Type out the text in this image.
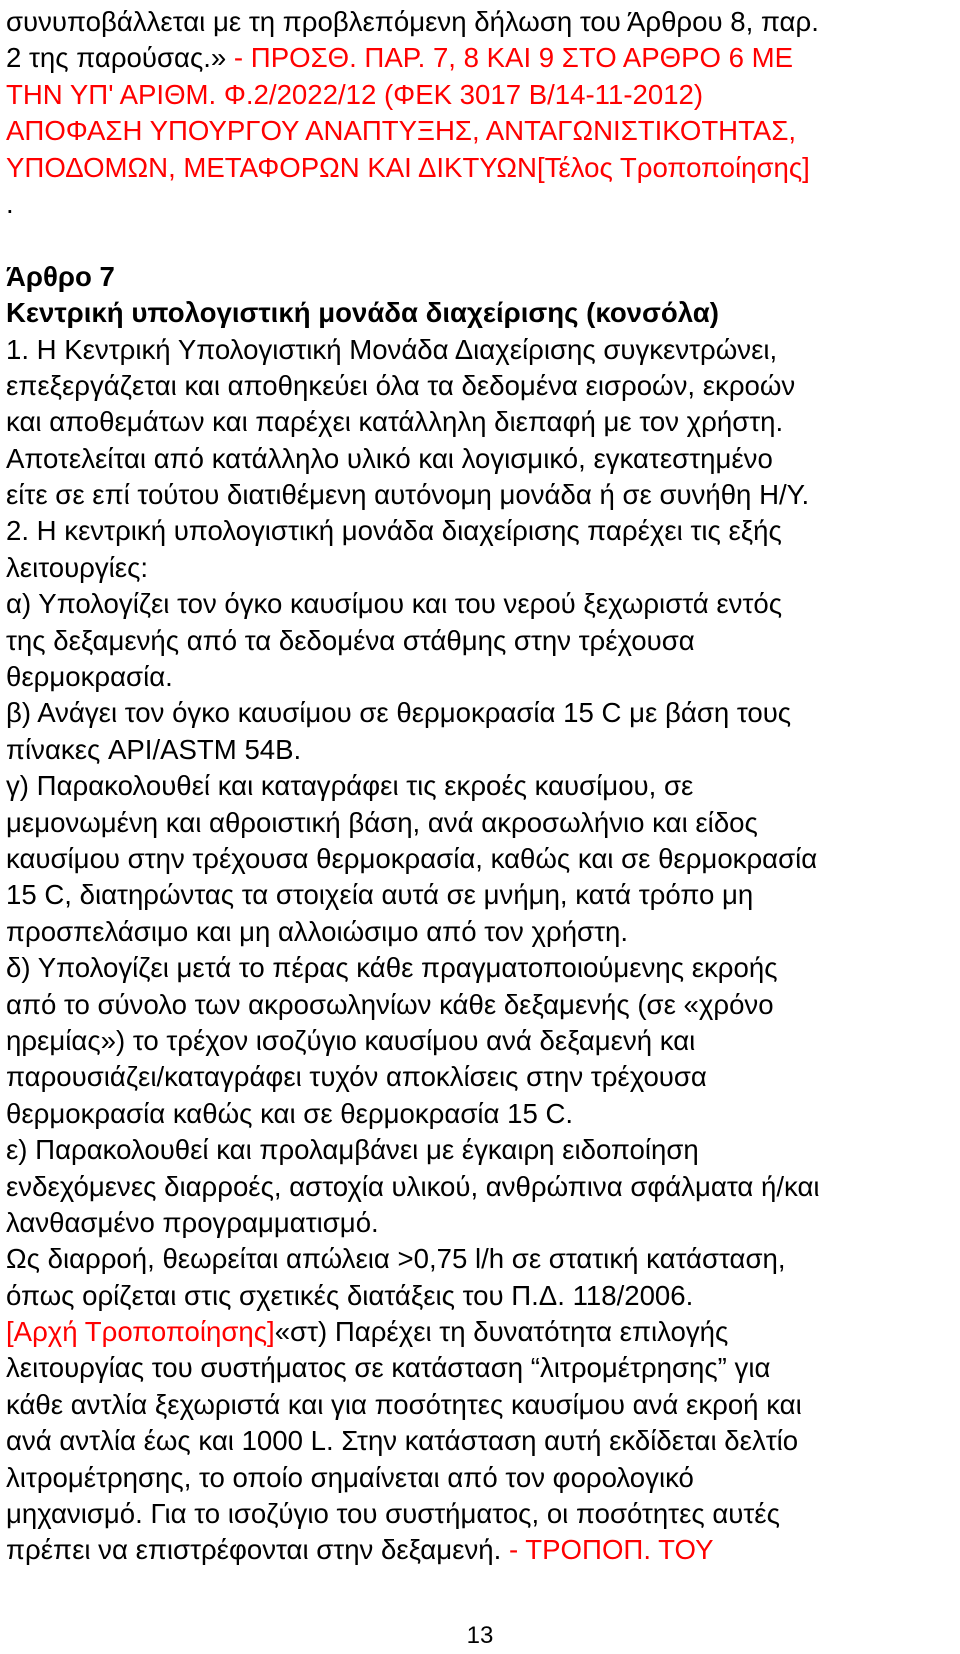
συνυποβάλλεται με τη προβλεπόμενη δήλωση του Άρθρου 8, παρ.
2 της παρούσας.» - ΠΡΟΣΘ. ΠΑΡ. 7, 8 ΚΑΙ 9 ΣΤΟ ΑΡΘΡΟ 6 ΜΕ
ΤΗΝ ΥΠ' ΑΡΙΘΜ. Φ.2/2022/12 (ΦΕΚ 3017 Β/14-11-2012)
ΑΠΟΦΑΣΗ ΥΠΟΥΡΓΟΥ ΑΝΑΠΤΥΞΗΣ, ΑΝΤΑΓΩΝΙΣΤΙΚΟΤΗΤΑΣ,
ΥΠΟΔΟΜΩΝ, ΜΕΤΑΦΟΡΩΝ ΚΑΙ ΔΙΚΤΥΩΝ[Τέλος Τροποποίησης]
.
Άρθρο 7
Κεντρική υπολογιστική μονάδα διαχείρισης (κονσόλα)
1. Η Κεντρική Υπολογιστική Μονάδα Διαχείρισης συγκεντρώνει,
επεξεργάζεται και αποθηκεύει όλα τα δεδομένα εισροών, εκροών
και αποθεμάτων και παρέχει κατάλληλη διεπαφή με τον χρήστη.
Αποτελείται από κατάλληλο υλικό και λογισμικό, εγκατεστημένο
είτε σε επί τούτου διατιθέμενη αυτόνομη μονάδα ή σε συνήθη Η/Υ.
2. Η κεντρική υπολογιστική μονάδα διαχείρισης παρέχει τις εξής
λειτουργίες:
α) Υπολογίζει τον όγκο καυσίμου και του νερού ξεχωριστά εντός
της δεξαμενής από τα δεδομένα στάθμης στην τρέχουσα
θερμοκρασία.
β) Ανάγει τον όγκο καυσίμου σε θερμοκρασία 15 C με βάση τους
πίνακες API/ASTM 54B.
γ) Παρακολουθεί και καταγράφει τις εκροές καυσίμου, σε
μεμονωμένη και αθροιστική βάση, ανά ακροσωλήνιο και είδος
καυσίμου στην τρέχουσα θερμοκρασία, καθώς και σε θερμοκρασία
15 C, διατηρώντας τα στοιχεία αυτά σε μνήμη, κατά τρόπο μη
προσπελάσιμο και μη αλλοιώσιμο από τον χρήστη.
δ) Υπολογίζει μετά το πέρας κάθε πραγματοποιούμενης εκροής
από το σύνολο των ακροσωληνίων κάθε δεξαμενής (σε «χρόνο
ηρεμίας») το τρέχον ισοζύγιο καυσίμου ανά δεξαμενή και
παρουσιάζει/καταγράφει τυχόν αποκλίσεις στην τρέχουσα
θερμοκρασία καθώς και σε θερμοκρασία 15 C.
ε) Παρακολουθεί και προλαμβάνει με έγκαιρη ειδοποίηση
ενδεχόμενες διαρροές, αστοχία υλικού, ανθρώπινα σφάλματα ή/και
λανθασμένο προγραμματισμό.
Ως διαρροή, θεωρείται απώλεια >0,75 l/h σε στατική κατάσταση,
όπως ορίζεται στις σχετικές διατάξεις του Π.Δ. 118/2006.
[Αρχή Τροποποίησης]«στ) Παρέχει τη δυνατότητα επιλογής
λειτουργίας του συστήματος σε κατάσταση “λιτρομέτρησης” για
κάθε αντλία ξεχωριστά και για ποσότητες καυσίμου ανά εκροή και
ανά αντλία έως και 1000 L. Στην κατάσταση αυτή εκδίδεται δελτίο
λιτρομέτρησης, το οποίο σημαίνεται από τον φορολογικό
μηχανισμό. Για το ισοζύγιο του συστήματος, οι ποσότητες αυτές
πρέπει να επιστρέφονται στην δεξαμενή. - ΤΡΟΠΟΠ. ΤΟΥ
13
